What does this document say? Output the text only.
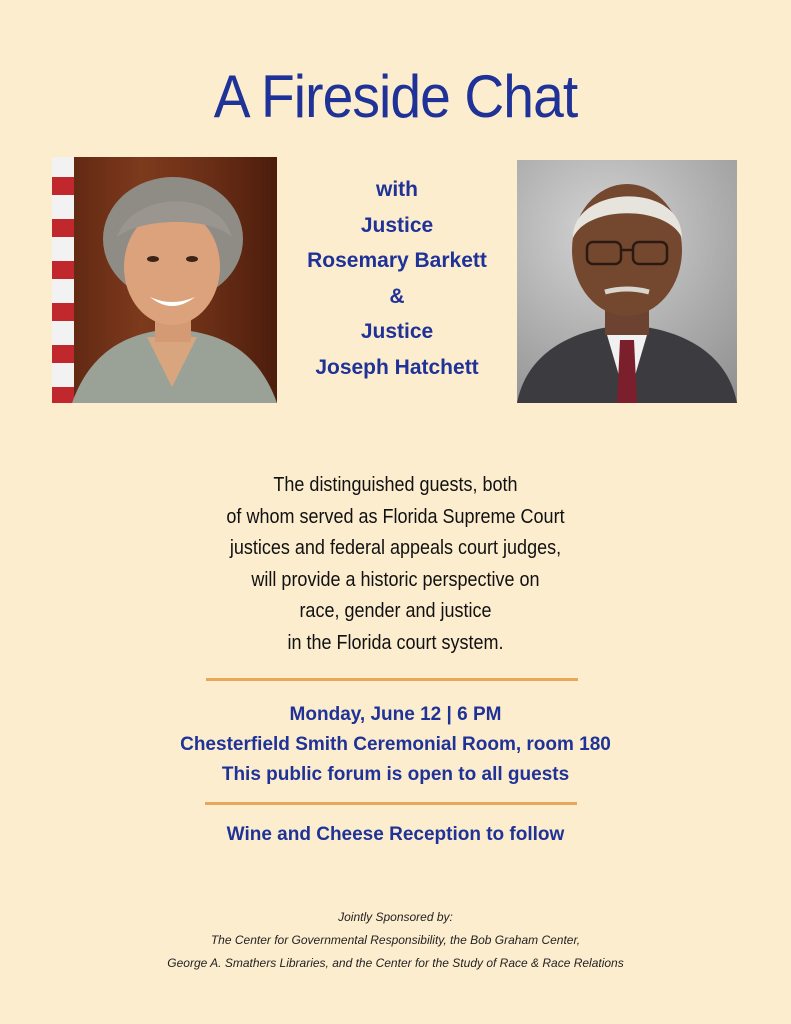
A Fireside Chat
with
Justice
Rosemary Barkett
&
Justice
Joseph Hatchett
The distinguished guests, both
of whom served as Florida Supreme Court
justices and federal appeals court judges,
will provide a historic perspective on
race, gender and justice
in the Florida court system.
Monday, June 12 | 6 PM
Chesterfield Smith Ceremonial Room, room 180
This public forum is open to all guests
Wine and Cheese Reception to follow
Jointly Sponsored by:
The Center for Governmental Responsibility, the Bob Graham Center,
George A. Smathers Libraries, and the Center for the Study of Race & Race Relations
